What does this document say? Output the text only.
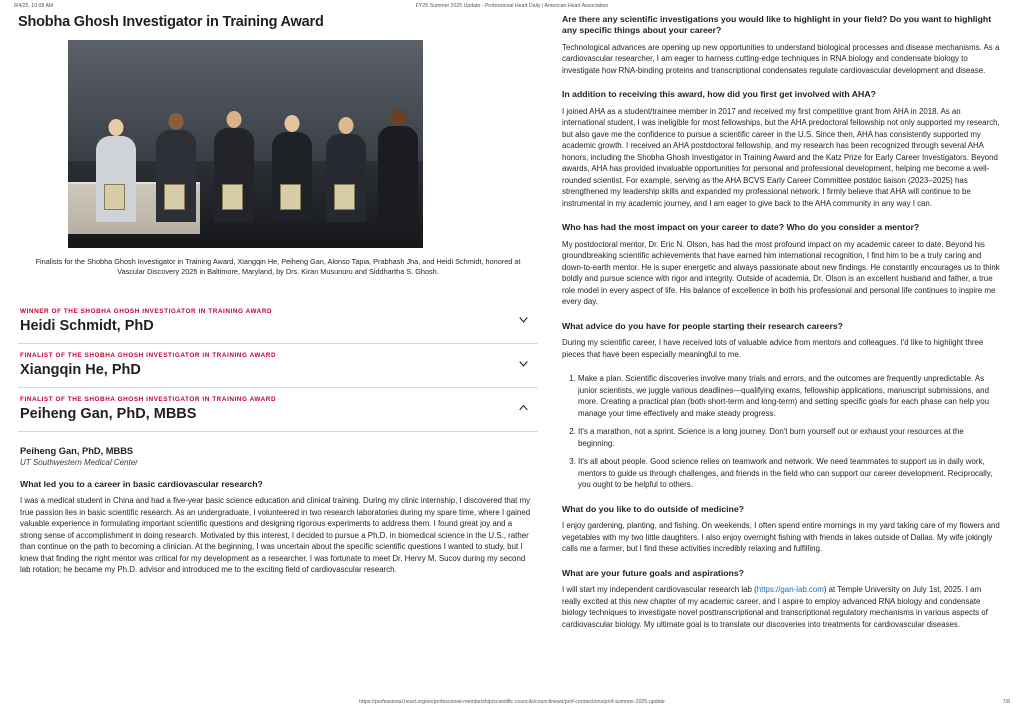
8/4/25, 10:08 AM	FY25 Summer 2025 Update - Professional Heart Daily | American Heart Association
Shobha Ghosh Investigator in Training Award

Finalists for the Shobha Ghosh Investigator in Training Award, Xiangqin He, Peiheng Gan, Alonso Tapia, Prabhash Jha, and Heidi Schmidt, honored at Vascular Discovery 2025 in Baltimore, Maryland, by Drs. Kiran Musunuru and Siddhartha S. Ghosh.

WINNER OF THE SHOBHA GHOSH INVESTIGATOR IN TRAINING AWARD
Heidi Schmidt, PhD
FINALIST OF THE SHOBHA GHOSH INVESTIGATOR IN TRAINING AWARD
Xiangqin He, PhD
FINALIST OF THE SHOBHA GHOSH INVESTIGATOR IN TRAINING AWARD
Peiheng Gan, PhD, MBBS
Peiheng Gan, PhD, MBBS
UT Southwestern Medical Center
What led you to a career in basic cardiovascular research?

I was a medical student in China and had a five-year basic science education and clinical training. During my clinic internship, I discovered that my true passion lies in basic scientific research. As an undergraduate, I volunteered in two research laboratories during my spare time, where I gained valuable experience in formulating important scientific questions and designing rigorous experiments to address them. I found great joy and a strong sense of accomplishment in doing research. Motivated by this interest, I decided to pursue a Ph.D. in biomedical science in the U.S., rather than continue on the path to becoming a clinician. At the beginning, I was uncertain about the specific scientific questions I wanted to study, but I knew that finding the right mentor was critical for my development as a researcher. I was fortunate to meet Dr. Henry M. Sucov during my second lab rotation; he became my Ph.D. advisor and introduced me to the exciting field of cardiovascular research.

Are there any scientific investigations you would like to highlight in your field? Do you want to highlight any specific things about your career?

Technological advances are opening up new opportunities to understand biological processes and disease mechanisms. As a cardiovascular researcher, I am eager to harness cutting-edge techniques in RNA biology and condensate biology to investigate how RNA-binding proteins and transcriptional condensates regulate cardiovascular development and disease.

In addition to receiving this award, how did you first get involved with AHA?

I joined AHA as a student/trainee member in 2017 and received my first competitive grant from AHA in 2018. As an international student, I was ineligible for most fellowships, but the AHA predoctoral fellowship not only supported my research, but also gave me the confidence to pursue a scientific career in the U.S. Since then, AHA has consistently supported my academic growth. I received an AHA postdoctoral fellowship, and my research has been recognized through several AHA honors, including the Shobha Ghosh Investigator in Training Award and the Katz Prize for Early Career Investigators. Beyond awards, AHA has provided invaluable opportunities for personal and professional development, helping me become a well-rounded scientist. For example, serving as the AHA BCVS Early Career Committee postdoc liaison (2023–2025) has strengthened my leadership skills and expanded my professional network. I firmly believe that AHA will continue to be instrumental in my academic journey, and I am eager to give back to the AHA community in any way I can.

Who has had the most impact on your career to date? Who do you consider a mentor?

My postdoctoral mentor, Dr. Eric N. Olson, has had the most profound impact on my academic career to date. Beyond his groundbreaking scientific achievements that have earned him international recognition, I find him to be a truly caring and down-to-earth mentor. He is super energetic and always passionate about new findings. He constantly encourages us to think boldly and pursue science with rigor and integrity. Outside of academia, Dr. Olson is an excellent husband and father, a true role model in every aspect of life. His balance of excellence in both his professional and personal life continues to inspire me every day.

What advice do you have for people starting their research careers?

During my scientific career, I have received lots of valuable advice from mentors and colleagues. I'd like to highlight three pieces that have been especially meaningful to me.

1. Make a plan. Scientific discoveries involve many trials and errors, and the outcomes are frequently unpredictable. As junior scientists, we juggle various deadlines—qualifying exams, fellowship applications, manuscript submissions, and more. Creating a practical plan (both short-term and long-term) and setting specific goals for each phase can help you manage your time effectively and make steady progress.
2. It's a marathon, not a sprint. Science is a long journey. Don't burn yourself out or exhaust your resources at the beginning.
3. It's all about people. Good science relies on teamwork and network. We need teammates to support us in daily work, mentors to guide us through challenges, and friends in the field who can support our career development. Reciprocally, you ought to be helpful to others.
What do you like to do outside of medicine?

I enjoy gardening, planting, and fishing. On weekends, I often spend entire mornings in my yard taking care of my flowers and vegetables with my two little daughters. I also enjoy overnight fishing with friends in lakes outside of Dallas. My wife jokingly calls me a farmer, but I find these activities incredibly relaxing and fulfilling.

What are your future goals and aspirations?

I will start my independent cardiovascular research lab (https://gan-lab.com) at Temple University on July 1st, 2025. I am really excited at this new chapter of my academic career, and I aspire to employ advanced RNA biology and condensate biology techniques to investigate novel posttranscriptional and transcriptional regulatory mechanisms in various aspects of cardiovascular biology. My ultimate goal is to translate our discoveries into treatments for cardiovascular diseases.

https://professional.heart.org/en/professional-membership/scientific-councils/councilnews/prof-connections/prof-summer-2025-update	7/8
